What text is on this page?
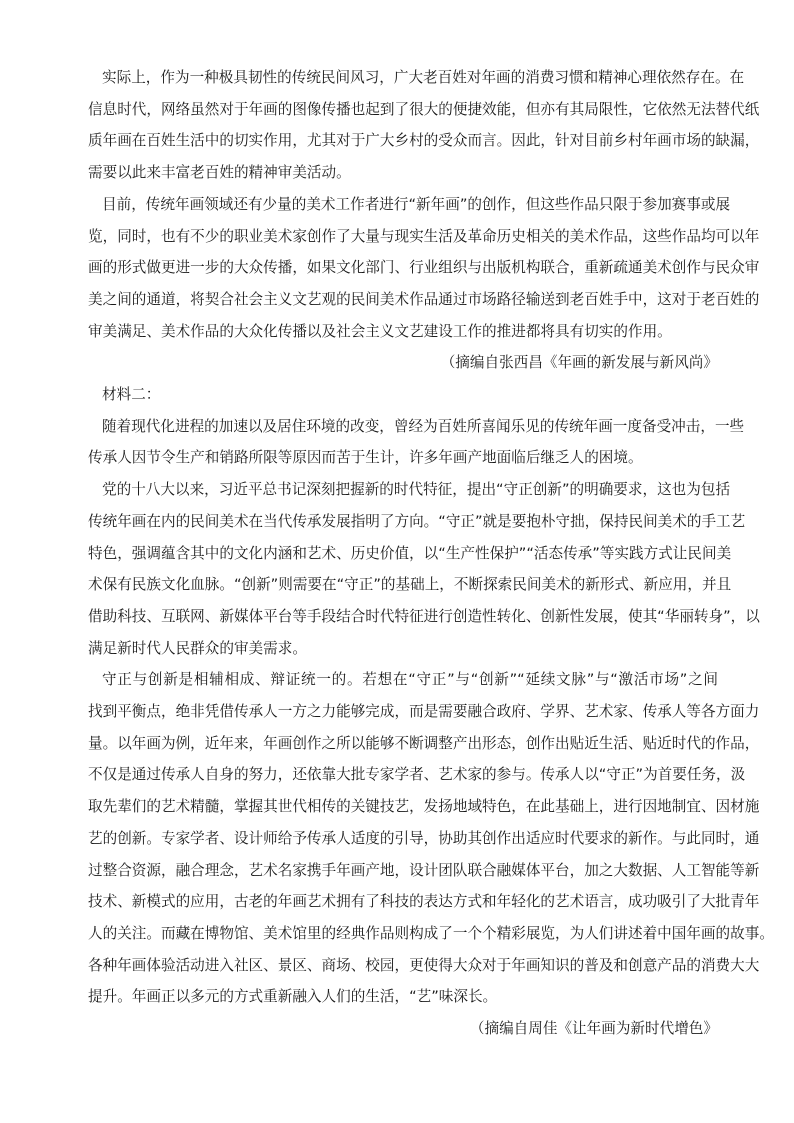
实际上，作为一种极具韧性的传统民间风习，广大老百姓对年画的消费习惯和精神心理依然存在。在
信息时代，网络虽然对于年画的图像传播也起到了很大的便捷效能，但亦有其局限性，它依然无法替代纸
质年画在百姓生活中的切实作用，尤其对于广大乡村的受众而言。因此，针对目前乡村年画市场的缺漏，
需要以此来丰富老百姓的精神审美活动。

目前，传统年画领域还有少量的美术工作者进行“新年画”的创作，但这些作品只限于参加赛事或展
览，同时，也有不少的职业美术家创作了大量与现实生活及革命历史相关的美术作品，这些作品均可以年
画的形式做更进一步的大众传播，如果文化部门、行业组织与出版机构联合，重新疏通美术创作与民众审
美之间的通道，将契合社会主义文艺观的民间美术作品通过市场路径输送到老百姓手中，这对于老百姓的
审美满足、美术作品的大众化传播以及社会主义文艺建设工作的推进都将具有切实的作用。

（摘编自张西昌《年画的新发展与新风尚》

材料二：

随着现代化进程的加速以及居住环境的改变，曾经为百姓所喜闻乐见的传统年画一度备受冲击，一些
传承人因节令生产和销路所限等原因而苦于生计，许多年画产地面临后继乏人的困境。

党的十八大以来，习近平总书记深刻把握新的时代特征，提出“守正创新”的明确要求，这也为包括
传统年画在内的民间美术在当代传承发展指明了方向。“守正”就是要抱朴守拙，保持民间美术的手工艺
特色，强调蕴含其中的文化内涵和艺术、历史价值，以“生产性保护”“活态传承”等实践方式让民间美
术保有民族文化血脉。“创新”则需要在“守正”的基础上，不断探索民间美术的新形式、新应用，并且
借助科技、互联网、新媒体平台等手段结合时代特征进行创造性转化、创新性发展，使其“华丽转身”，以
满足新时代人民群众的审美需求。

守正与创新是相辅相成、辩证统一的。若想在“守正”与“创新”“延续文脉”与“激活市场”之间
找到平衡点，绝非凭借传承人一方之力能够完成，而是需要融合政府、学界、艺术家、传承人等各方面力
量。以年画为例，近年来，年画创作之所以能够不断调整产出形态，创作出贴近生活、贴近时代的作品，
不仅是通过传承人自身的努力，还依靠大批专家学者、艺术家的参与。传承人以“守正”为首要任务，汲
取先辈们的艺术精髓，掌握其世代相传的关键技艺，发扬地域特色，在此基础上，进行因地制宜、因材施
艺的创新。专家学者、设计师给予传承人适度的引导，协助其创作出适应时代要求的新作。与此同时，通
过整合资源，融合理念，艺术名家携手年画产地，设计团队联合融媒体平台，加之大数据、人工智能等新
技术、新模式的应用，古老的年画艺术拥有了科技的表达方式和年轻化的艺术语言，成功吸引了大批青年
人的关注。而藏在博物馆、美术馆里的经典作品则构成了一个个精彩展览，为人们讲述着中国年画的故事。
各种年画体验活动进入社区、景区、商场、校园，更使得大众对于年画知识的普及和创意产品的消费大大
提升。年画正以多元的方式重新融入人们的生活，“艺”味深长。

（摘编自周佳《让年画为新时代增色》
